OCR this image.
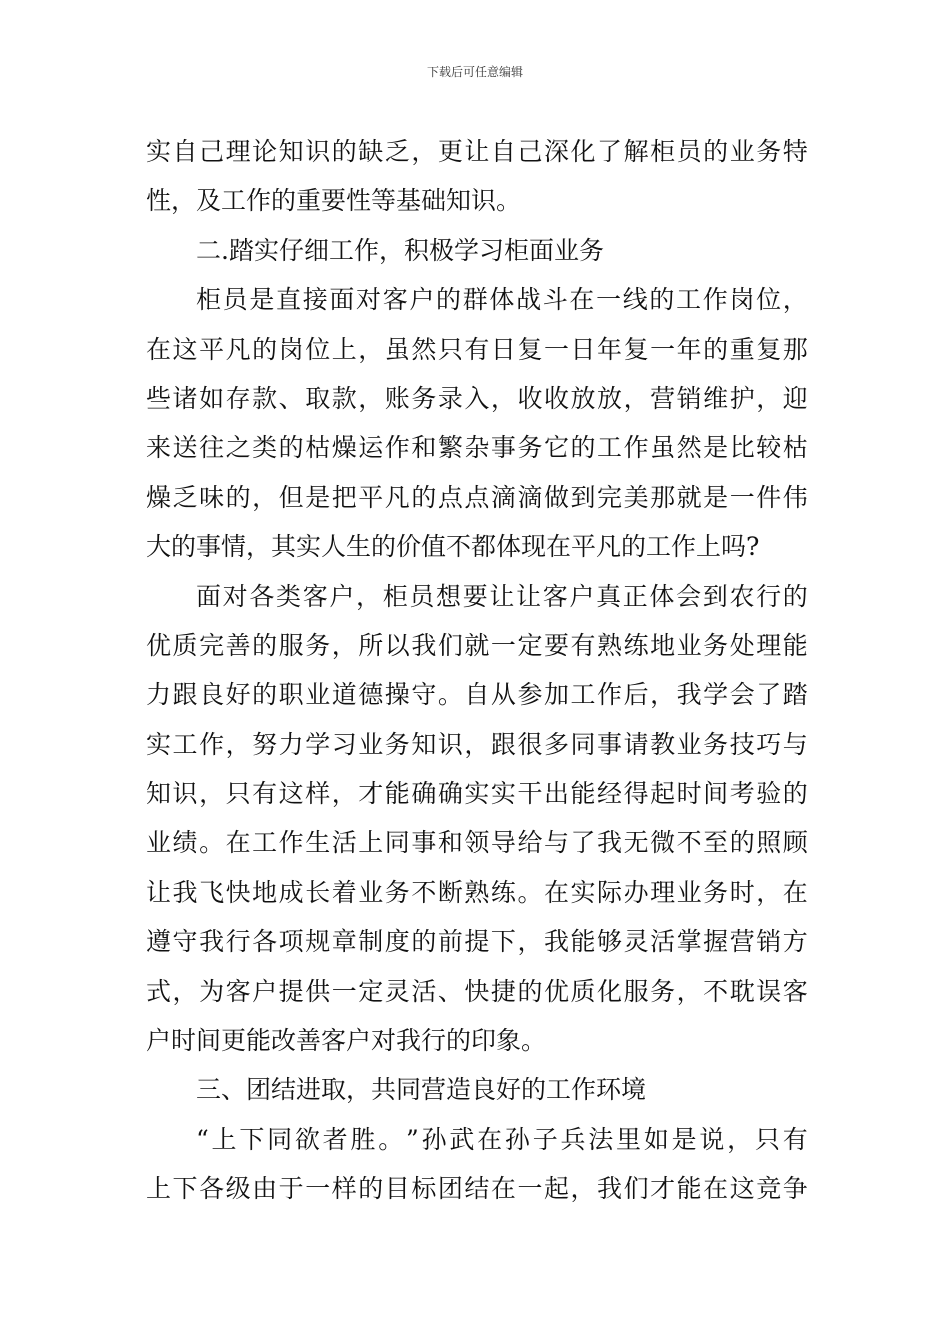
下载后可任意编辑
实 自 己 理 论 知 识 的 缺 乏 ， 更 让 自 己 深 化 了 解 柜 员 的 业 务 特
性，及工作的重要性等基础知识。
二.踏实仔细工作，积极学习柜面业务
柜 员 是 直 接 面 对 客 户 的 群 体 战 斗 在 一 线 的 工 作 岗 位 ，
在 这 平 凡 的 岗 位 上 ， 虽 然 只 有 日 复 一 日 年 复 一 年 的 重 复 那
些 诸 如 存 款 、 取 款 ， 账 务 录 入 ， 收 收 放 放 ， 营 销 维 护 ， 迎
来 送 往 之 类 的 枯 燥 运 作 和 繁 杂 事 务 它 的 工 作 虽 然 是 比 较 枯
燥 乏 味 的 ， 但 是 把 平 凡 的 点 点 滴 滴 做 到 完 美 那 就 是 一 件 伟
大的事情，其实人生的价值不都体现在平凡的工作上吗?
面 对 各 类 客 户 ， 柜 员 想 要 让 让 客 户 真 正 体 会 到 农 行 的
优 质 完 善 的 服 务 ， 所 以 我 们 就 一 定 要 有 熟 练 地 业 务 处 理 能
力 跟 良 好 的 职 业 道 德 操 守 。 自 从 参 加 工 作 后 ， 我 学 会 了 踏
实 工 作 ， 努 力 学 习 业 务 知 识 ， 跟 很 多 同 事 请 教 业 务 技 巧 与
知 识 ， 只 有 这 样 ， 才 能 确 确 实 实 干 出 能 经 得 起 时 间 考 验 的
业 绩 。 在 工 作 生 活 上 同 事 和 领 导 给 与 了 我 无 微 不 至 的 照 顾
让 我 飞 快 地 成 长 着 业 务 不 断 熟 练 。 在 实 际 办 理 业 务 时 ， 在
遵 守 我 行 各 项 规 章 制 度 的 前 提 下 ， 我 能 够 灵 活 掌 握 营 销 方
式 ， 为 客 户 提 供 一 定 灵 活 、 快 捷 的 优 质 化 服 务 ， 不 耽 误 客
户时间更能改善客户对我行的印象。
三、团结进取，共同营造良好的工作环境
“ 上 下 同 欲 者 胜 。 ” 孙 武 在 孙 子 兵 法 里 如 是 说 ， 只 有
上 下 各 级 由 于 一 样 的 目 标 团 结 在 一 起 ， 我 们 才 能 在 这 竞 争
